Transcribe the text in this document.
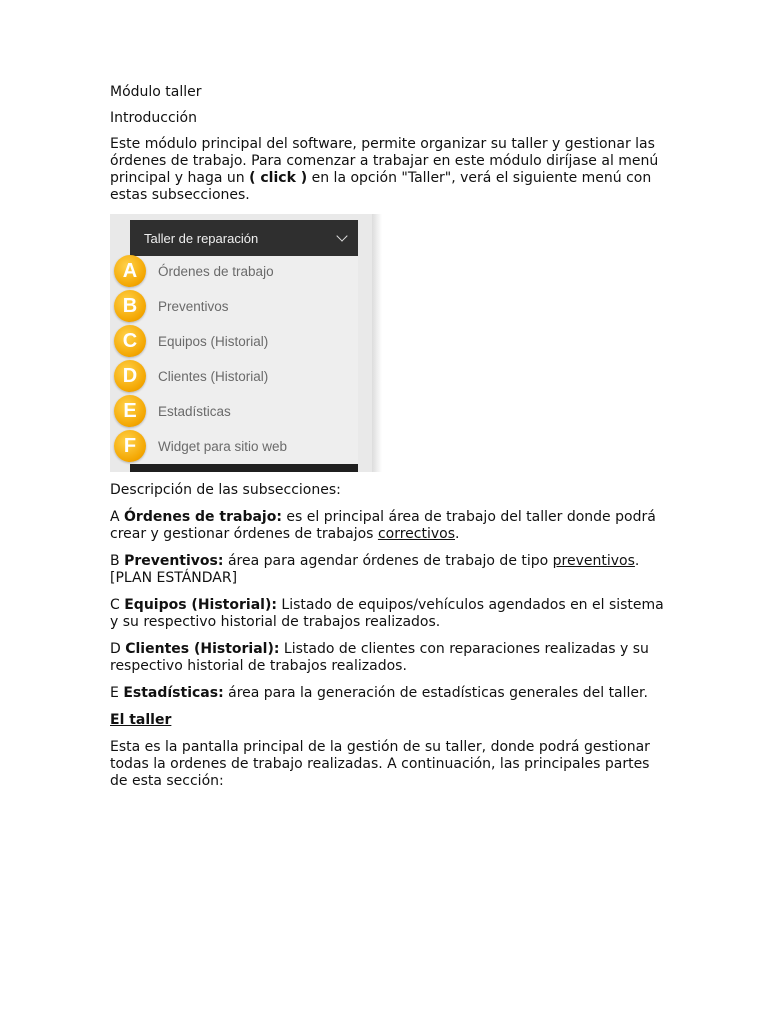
Módulo taller

Introducción

Este módulo principal del software, permite organizar su taller y gestionar las órdenes de trabajo. Para comenzar a trabajar en este módulo diríjase al menú principal y haga un ( click ) en la opción "Taller", verá el siguiente menú con estas subsecciones.

Taller de reparación
A	Órdenes de trabajo
B	Preventivos
C	Equipos (Historial)
D	Clientes (Historial)
E	Estadísticas
F	Widget para sitio web

Descripción de las subsecciones:

A Órdenes de trabajo: es el principal área de trabajo del taller donde podrá crear y gestionar órdenes de trabajos correctivos.

B Preventivos: área para agendar órdenes de trabajo de tipo preventivos. [PLAN ESTÁNDAR]

C Equipos (Historial): Listado de equipos/vehículos agendados en el sistema y su respectivo historial de trabajos realizados.

D Clientes (Historial): Listado de clientes con reparaciones realizadas y su respectivo historial de trabajos realizados.

E Estadísticas: área para la generación de estadísticas generales del taller.

El taller

Esta es la pantalla principal de la gestión de su taller, donde podrá gestionar todas la ordenes de trabajo realizadas. A continuación, las principales partes de esta sección:
